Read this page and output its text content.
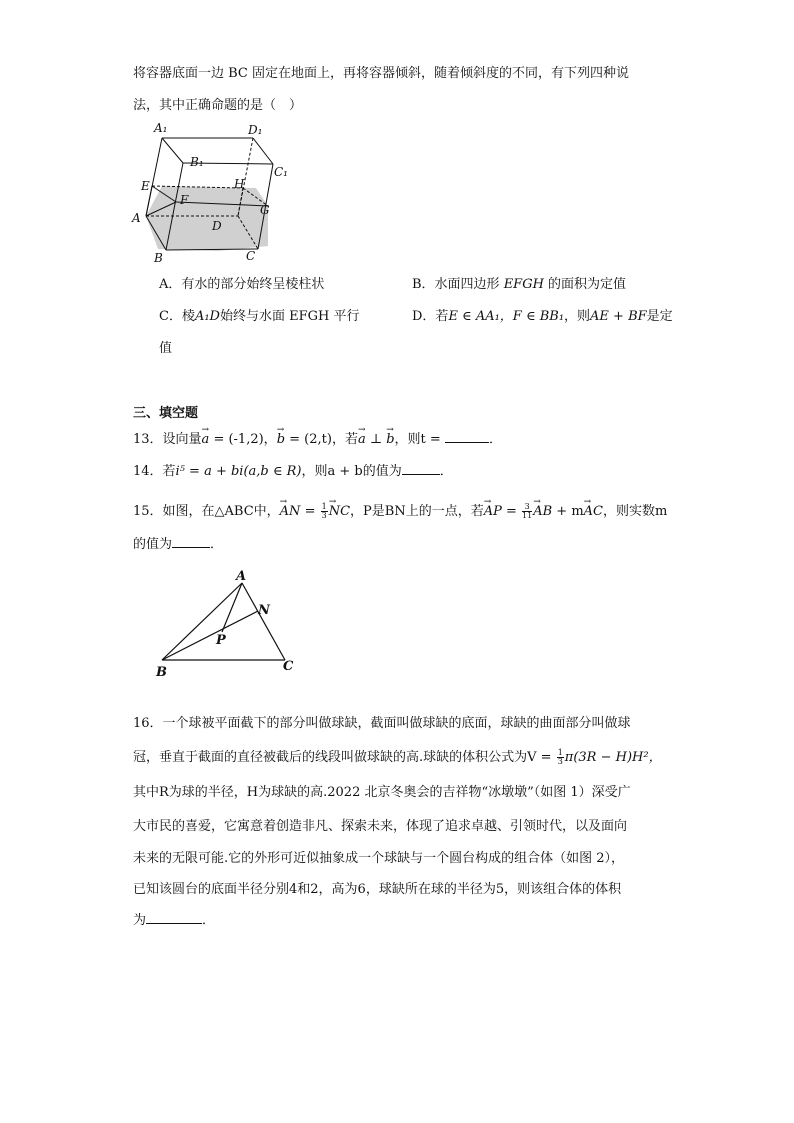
将容器底面一边 BC 固定在地面上，再将容器倾斜，随着倾斜度的不同，有下列四种说
法，其中正确命题的是（　）
A₁	D₁
B₁
C₁
E	H
F
G
A
D
B	C
A．有水的部分始终呈棱柱状	B．水面四边形 EFGH 的面积为定值
C．棱A₁D始终与水面 EFGH 平行	D．若E ∈ AA₁，F ∈ BB₁，则AE + BF是定
值
三、填空题
13．设向量→ a = (‑1,2)，→ b = (2,t)，若→ a ⊥ → b，则t =	．
14．若i⁵ = a + bi(a,b ∈ R)，则a + b的值为	．
15．如图，在△ABC中，→ AN = $\frac{1}{3}$ → NC，P是BN上的一点，若→ AP = $\frac{3}{11}$ → AB + m→ AC，则实数m
的值为	．
A
N
P
B	C
16．一个球被平面截下的部分叫做球缺，截面叫做球缺的底面，球缺的曲面部分叫做球
冠，垂直于截面的直径被截后的线段叫做球缺的高.球缺的体积公式为$V = \frac{1}{3} \pi(3R - H)H^2$，
其中R为球的半径，H为球缺的高.2022 北京冬奥会的吉祥物“冰墩墩”（如图 1）深受广
大市民的喜爱，它寓意着创造非凡、探索未来，体现了追求卓越、引领时代，以及面向
未来的无限可能.它的外形可近似抽象成一个球缺与一个圆台构成的组合体（如图 2），
已知该圆台的底面半径分别4和2，高为6，球缺所在球的半径为5，则该组合体的体积
为	．
